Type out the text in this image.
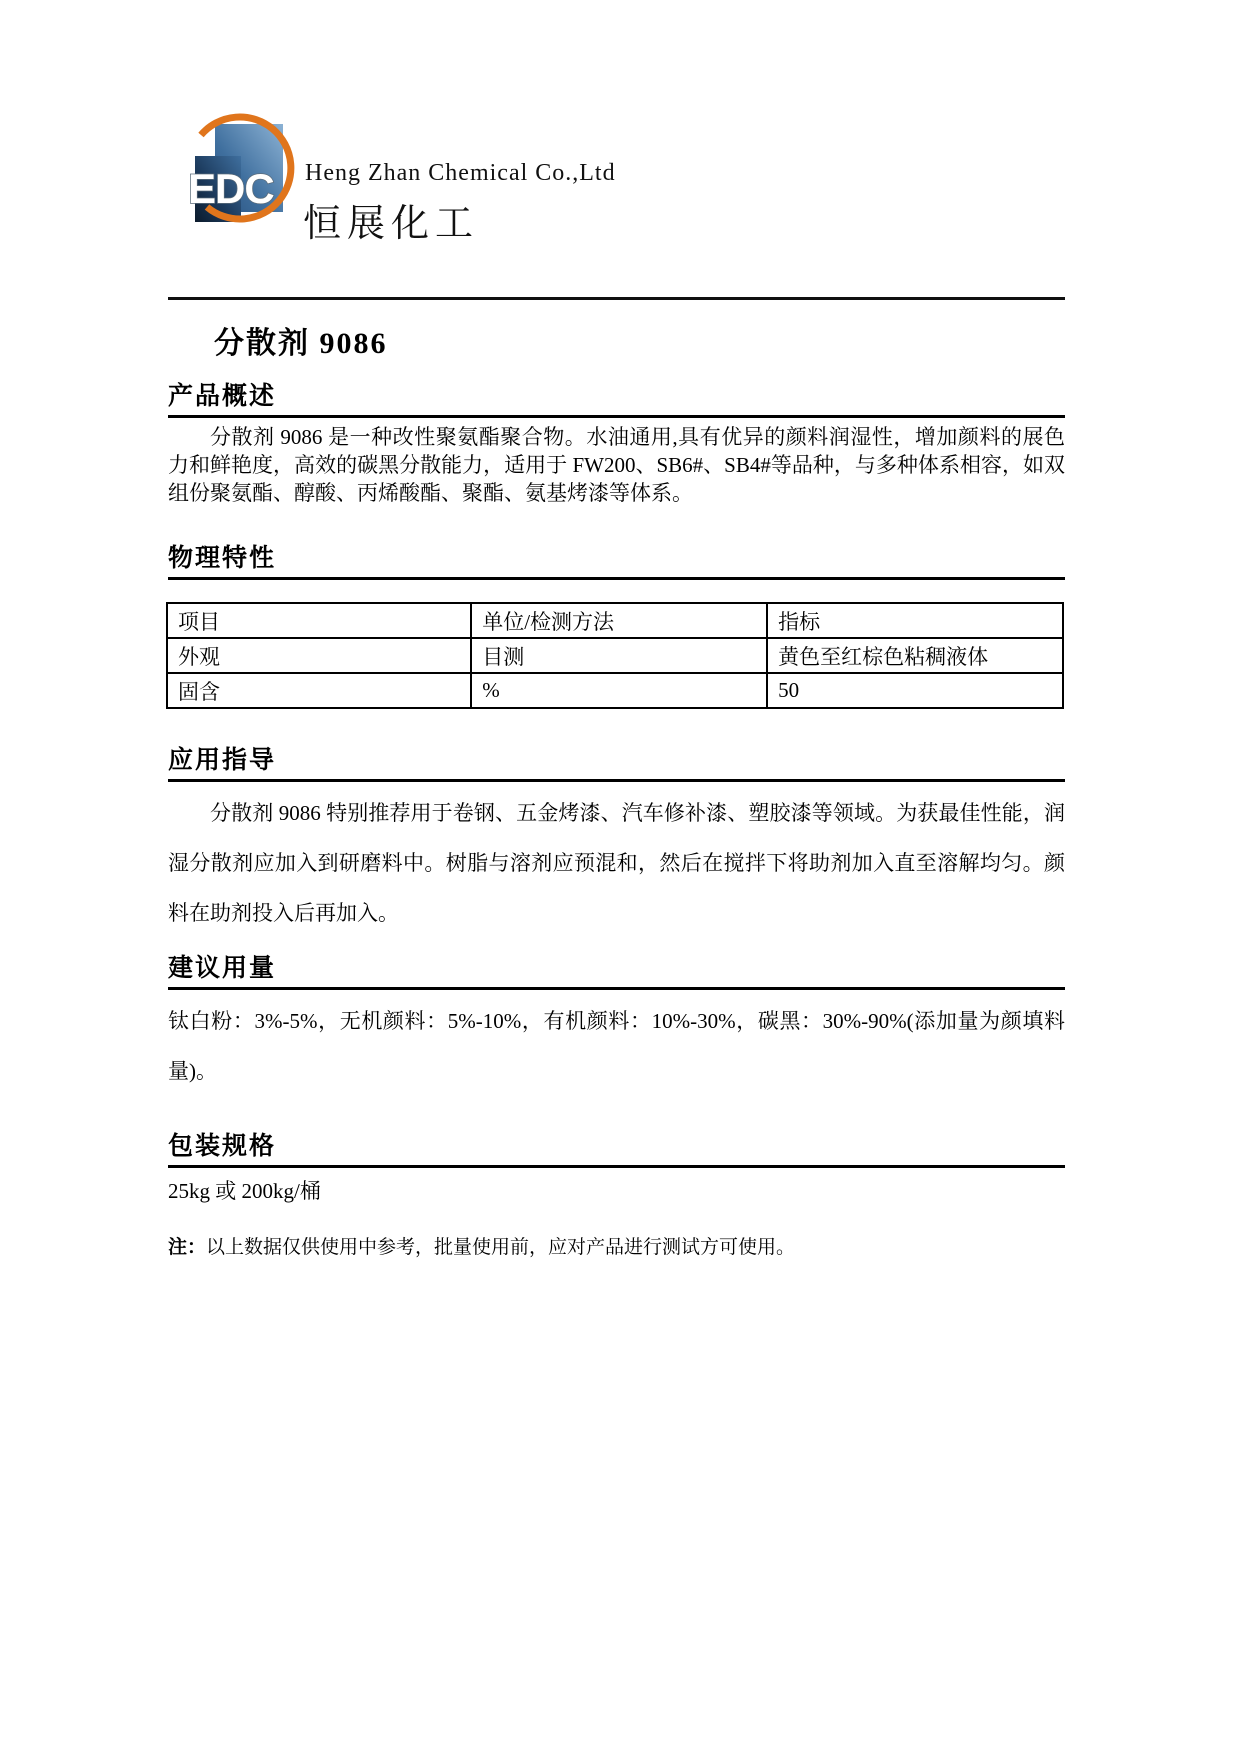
EDC Heng Zhan Chemical Co.,Ltd
恒展化工
分散剂 9086
产品概述
分散剂 9086 是一种改性聚氨酯聚合物。水油通用,具有优异的颜料润湿性，增加颜料的展色力和鲜艳度，高效的碳黑分散能力，适用于 FW200、SB6#、SB4#等品种，与多种体系相容，如双组份聚氨酯、醇酸、丙烯酸酯、聚酯、氨基烤漆等体系。
物理特性
项目	单位/检测方法	指标
外观	目测	黄色至红棕色粘稠液体
固含	%	50
应用指导
分散剂 9086 特别推荐用于卷钢、五金烤漆、汽车修补漆、塑胶漆等领域。为获最佳性能，润湿分散剂应加入到研磨料中。树脂与溶剂应预混和，然后在搅拌下将助剂加入直至溶解均匀。颜料在助剂投入后再加入。
建议用量
钛白粉：3%-5%，无机颜料：5%-10%，有机颜料：10%-30%，碳黑：30%-90%(添加量为颜填料量)。
包装规格
25kg 或 200kg/桶
注：以上数据仅供使用中参考，批量使用前，应对产品进行测试方可使用。
